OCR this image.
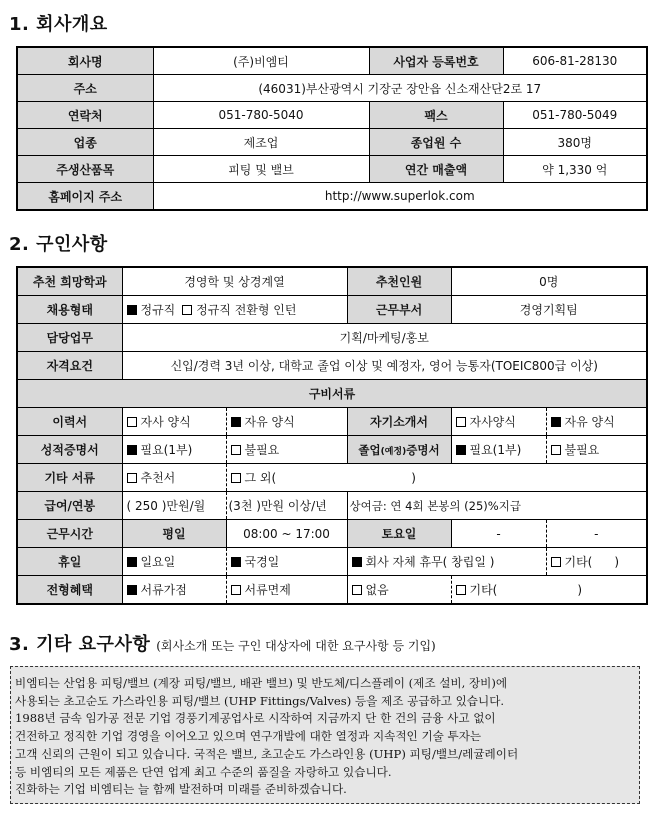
1. 회사개요
회사명	(주)비엠티	사업자 등록번호	606-81-28130
주소	(46031)부산광역시 기장군 장안읍 신소재산단2로 17		
연락처	051-780-5040	팩스	051-780-5049
업종	제조업	종업원 수	380명
주생산품목	피팅 및 밸브	연간 매출액	약 1,330 억
홈페이지 주소	http://www.superlok.com		
2. 구인사항
추천 희망학과	경영학 및 상경계열		추천인원	0명	
채용형태	정규직 정규직 전환형 인턴		근무부서	경영기획팀	
담당업무	기획/마케팅/홍보				
자격요건	신입/경력 3년 이상, 대학교 졸업 이상 및 예정자, 영어 능통자(TOEIC800급 이상)				
구비서류					
이력서	자사 양식	자유 양식	자기소개서	자사양식	자유 양식
성적증명서	필요(1부)	불필요	졸업(예정)증명서	필요(1부)	불필요
기타 서류	추천서	그 외( )			
급여/연봉	( 250 )만원/월	(3천 )만원 이상/년	상여금: 연 4회 본봉의 (25)%지급		
근무시간	평일	08:00 ~ 17:00	토요일	-	-
휴일	일요일	국경일	회사 자체 휴무( 창립일 )		기타( )
전형혜택	서류가점	서류면제	없음	기타( )	
3. 기타 요구사항 (회사소개 또는 구인 대상자에 대한 요구사항 등 기입)
비엠티는 산업용 피팅/밸브 (계장 피팅/밸브, 배관 밸브) 및 반도체/디스플레이 (제조 설비, 장비)에
사용되는 초고순도 가스라인용 피팅/밸브 (UHP Fittings/Valves) 등을 제조 공급하고 있습니다.
1988년 금속 임가공 전문 기업 경풍기계공업사로 시작하여 지금까지 단 한 건의 금융 사고 없이
건전하고 정직한 기업 경영을 이어오고 있으며 연구개발에 대한 열정과 지속적인 기술 투자는
고객 신뢰의 근원이 되고 있습니다. 국적은 밸브, 초고순도 가스라인용 (UHP) 피팅/밸브/레귤레이터
등 비엠티의 모든 제품은 단연 업계 최고 수준의 품질을 자랑하고 있습니다.
진화하는 기업 비엠티는 늘 함께 발전하며 미래를 준비하겠습니다.
